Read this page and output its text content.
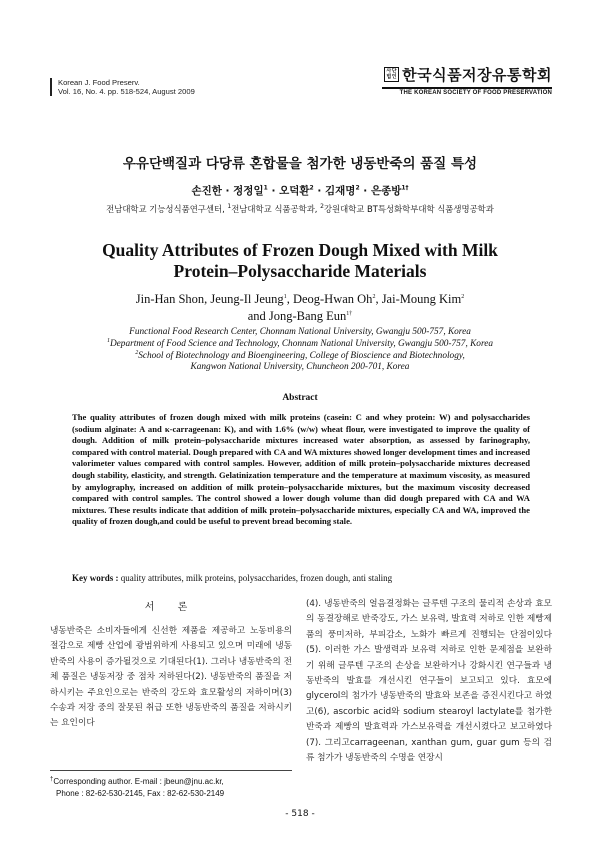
Korean J. Food Preserv.
Vol. 16, No. 4. pp. 518-524, August 2009
사단
법인 한국식품저장유통학회
THE KOREAN SOCIETY OF FOOD PRESERVATION
우유단백질과 다당류 혼합물을 첨가한 냉동반죽의 품질 특성
손진한 · 정정일$^1$ · 오덕환$^2$ · 김재명$^2$ · 은종방$^{1\dagger}$
전남대학교 기능성식품연구센터, $^1$전남대학교 식품공학과, $^2$강원대학교 BT특성화학부대학 식품생명공학과
Quality Attributes of Frozen Dough Mixed with Milk
Protein–Polysaccharide Materials
Jin-Han Shon, Jeung-Il Jeung$^1$, Deog-Hwan Oh$^2$, Jai-Moung Kim$^2$
and Jong-Bang Eun$^{1\dagger}$
Functional Food Research Center, Chonnam National University, Gwangju 500-757, Korea
$^1$Department of Food Science and Technology, Chonnam National University, Gwangju 500-757, Korea
$^2$School of Biotechnology and Bioengineering, College of Bioscience and Biotechnology,
Kangwon National University, Chuncheon 200-701, Korea
Abstract
The quality attributes of frozen dough mixed with milk proteins (casein: C and whey protein: W) and polysaccharides (sodium alginate: A and κ-carrageenan: K), and with 1.6% (w/w) wheat flour, were investigated to improve the quality of dough. Addition of milk protein–polysaccharide mixtures increased water absorption, as assessed by farinography, compared with control material. Dough prepared with CA and WA mixtures showed longer development times and increased valorimeter values compared with control samples. However, addition of milk protein–polysaccharide mixtures decreased dough stability, elasticity, and strength. Gelatinization temperature and the temperature at maximum viscosity, as measured by amylography, increased on addition of milk protein–polysaccharide mixtures, but the maximum viscosity decreased compared with control samples. The control showed a lower dough volume than did dough prepared with CA and WA mixtures. These results indicate that addition of milk protein–polysaccharide mixtures, especially CA and WA, improved the quality of frozen dough,and could be useful to prevent bread becoming stale.
Key words : quality attributes, milk proteins, polysaccharides, frozen dough, anti staling
서 론
냉동반죽은 소비자들에게 신선한 제품을 제공하고 노동비용의 절감으로 제빵 산업에 광범위하게 사용되고 있으며 미래에 냉동반죽의 사용이 증가될것으로 기대된다(1). 그러나 냉동반죽의 전체 품질은 냉동저장 중 점차 저하된다(2). 냉동반죽의 품질을 저하시키는 주요인으로는 반죽의 강도와 효모활성의 저하이며(3) 수송과 저장 중의 잘못된 취급 또한 냉동반죽의 품질을 저하시키는 요인이다
(4). 냉동반죽의 얼음결정화는 글루텐 구조의 물리적 손상과 효모의 동결장해로 반죽강도, 가스 보유력, 발효력 저하로 인한 제빵제품의 풍미저하, 부피감소, 노화가 빠르게 진행되는 단점이있다(5). 이러한 가스 발생력과 보유력 저하로 인한 문제점을 보완하기 위해 글루텐 구조의 손상을 보완하거나 강화시킨 연구들과 냉동반죽의 발효를 개선시킨 연구들이 보고되고 있다. 효모에 glycerol의 첨가가 냉동반죽의 발효와 보존을 증진시킨다고 하였고(6), ascorbic acid와 sodium stearoyl lactylate를 첨가한 반죽과 제빵의 발효력과 가스보유력을 개선시켰다고 보고하였다(7). 그리고carrageenan, xanthan gum, guar gum 등의 검류 첨가가 냉동반죽의 수명을 연장시
†Corresponding author. E-mail : jbeun@jnu.ac.kr,
Phone : 82-62-530-2145, Fax : 82-62-530-2149
- 518 -
